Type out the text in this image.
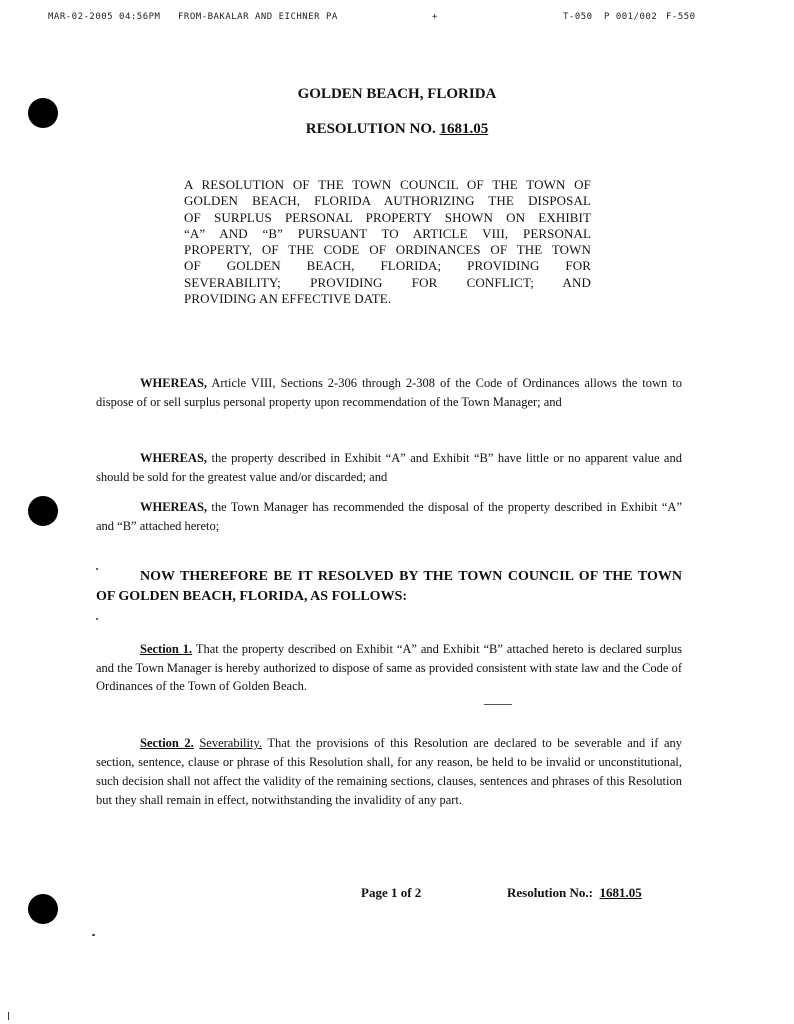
MAR-02-2005 04:56PM FROM-BAKALAR AND EICHNER PA	+	T-050 P 001/002 F-550
GOLDEN BEACH, FLORIDA
RESOLUTION NO. 1681.05
A RESOLUTION OF THE TOWN COUNCIL OF THE TOWN OF
GOLDEN BEACH, FLORIDA AUTHORIZING THE DISPOSAL
OF SURPLUS PERSONAL PROPERTY SHOWN ON EXHIBIT
“A” AND “B” PURSUANT TO ARTICLE VIII, PERSONAL
PROPERTY, OF THE CODE OF ORDINANCES OF THE TOWN
OF GOLDEN BEACH, FLORIDA; PROVIDING FOR
SEVERABILITY; PROVIDING FOR CONFLICT; AND
PROVIDING AN EFFECTIVE DATE.
WHEREAS, Article VIII, Sections 2-306 through 2-308 of the Code of Ordinances allows the town to dispose of or sell surplus personal property upon recommendation of the Town Manager; and
WHEREAS, the property described in Exhibit “A” and Exhibit “B” have little or no apparent value and should be sold for the greatest value and/or discarded; and
WHEREAS, the Town Manager has recommended the disposal of the property described in Exhibit “A” and “B” attached hereto;
NOW THEREFORE BE IT RESOLVED BY THE TOWN COUNCIL OF THE TOWN OF GOLDEN BEACH, FLORIDA, AS FOLLOWS:
Section 1. That the property described on Exhibit “A” and Exhibit “B” attached hereto is declared surplus and the Town Manager is hereby authorized to dispose of same as provided consistent with state law and the Code of Ordinances of the Town of Golden Beach.
Section 2. Severability. That the provisions of this Resolution are declared to be severable and if any section, sentence, clause or phrase of this Resolution shall, for any reason, be held to be invalid or unconstitutional, such decision shall not affect the validity of the remaining sections, clauses, sentences and phrases of this Resolution but they shall remain in effect, notwithstanding the invalidity of any part.
Page 1 of 2	Resolution No.: 1681.05
